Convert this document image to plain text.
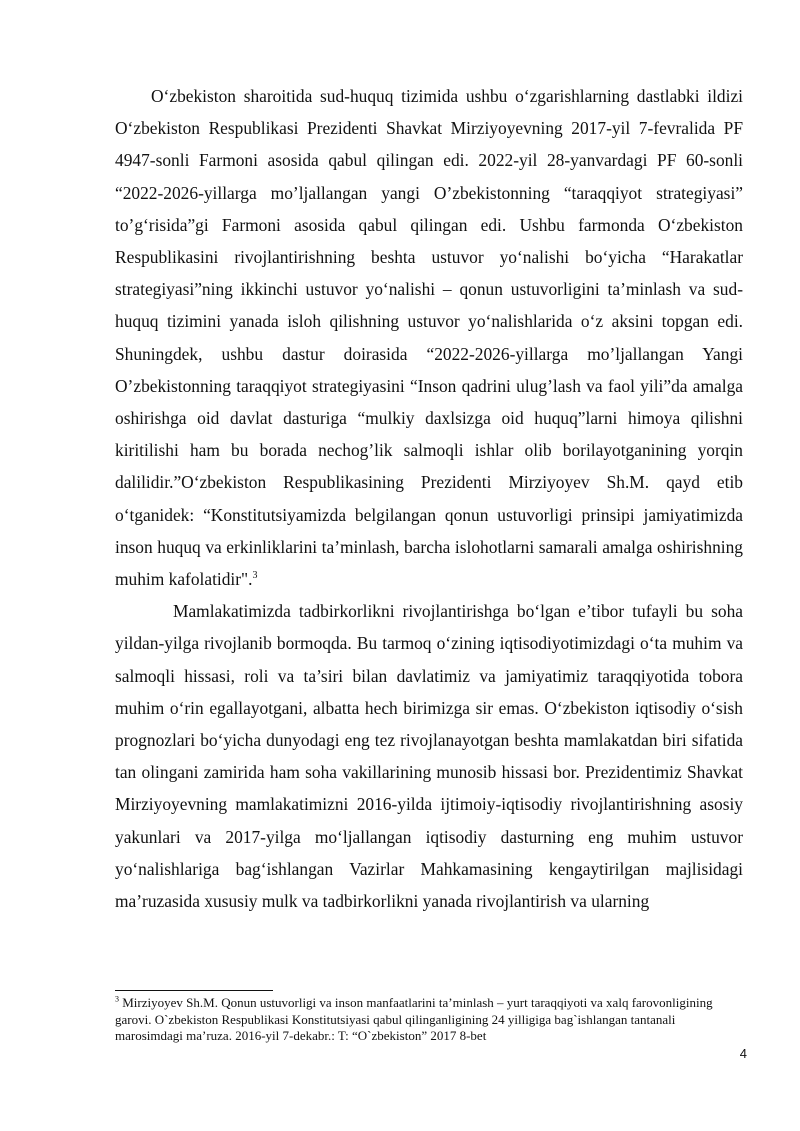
O‘zbekiston sharoitida sud-huquq tizimida ushbu o‘zgarishlarning dastlabki ildizi O‘zbekiston Respublikasi Prezidenti Shavkat Mirziyoyevning 2017-yil 7-fevralida PF 4947-sonli Farmoni asosida qabul qilingan edi. 2022-yil 28-yanvardagi PF 60-sonli “2022-2026-yillarga mo’ljallangan yangi O’zbekistonning “taraqqiyot strategiyasi” to’g‘risida”gi Farmoni asosida qabul qilingan edi. Ushbu farmonda O‘zbekiston Respublikasini rivojlantirishning beshta ustuvor yo‘nalishi bo‘yicha “Harakatlar strategiyasi”ning ikkinchi ustuvor yo‘nalishi – qonun ustuvorligini ta’minlash va sud-huquq tizimini yanada isloh qilishning ustuvor yo‘nalishlarida o‘z aksini topgan edi. Shuningdek, ushbu dastur doirasida “2022-2026-yillarga mo’ljallangan Yangi O’zbekistonning taraqqiyot strategiyasini “Inson qadrini ulug’lash va faol yili”da amalga oshirishga oid davlat dasturiga “mulkiy daxlsizga oid huquq”larni himoya qilishni kiritilishi ham bu borada nechog’lik salmoqli ishlar olib borilayotganining yorqin dalilidir.”O‘zbekiston Respublikasining Prezidenti Mirziyoyev Sh.M. qayd etib o‘tganidek: “Konstitutsiyamizda belgilangan qonun ustuvorligi prinsipi jamiyatimizda inson huquq va erkinliklarini ta’minlash, barcha islohotlarni samarali amalga oshirishning muhim kafolatidir".$^3$

Mamlakatimizda tadbirkorlikni rivojlantirishga bo‘lgan e’tibor tufayli bu soha yildan-yilga rivojlanib bormoqda. Bu tarmoq o‘zining iqtisodiyotimizdagi o‘ta muhim va salmoqli hissasi, roli va ta’siri bilan davlatimiz va jamiyatimiz taraqqiyotida tobora muhim o‘rin egallayotgani, albatta hech birimizga sir emas. O‘zbekiston iqtisodiy o‘sish prognozlari bo‘yicha dunyodagi eng tez rivojlanayotgan beshta mamlakatdan biri sifatida tan olingani zamirida ham soha vakillarining munosib hissasi bor. Prezidentimiz Shavkat Mirziyoyevning mamlakatimizni 2016-yilda ijtimoiy-iqtisodiy rivojlantirishning asosiy yakunlari va 2017-yilga mo‘ljallangan iqtisodiy dasturning eng muhim ustuvor yo‘nalishlariga bag‘ishlangan Vazirlar Mahkamasining kengaytirilgan majlisidagi ma’ruzasida xususiy mulk va tadbirkorlikni yanada rivojlantirish va ularning

$^3$ Mirziyoyev Sh.M. Qonun ustuvorligi va inson manfaatlarini ta’minlash – yurt taraqqiyoti va xalq farovonligining garovi. O`zbekiston Respublikasi Konstitutsiyasi qabul qilinganligining 24 yilligiga bag`ishlangan tantanali marosimdagi ma’ruza. 2016-yil 7-dekabr.: T: “O`zbekiston” 2017 8-bet

4
